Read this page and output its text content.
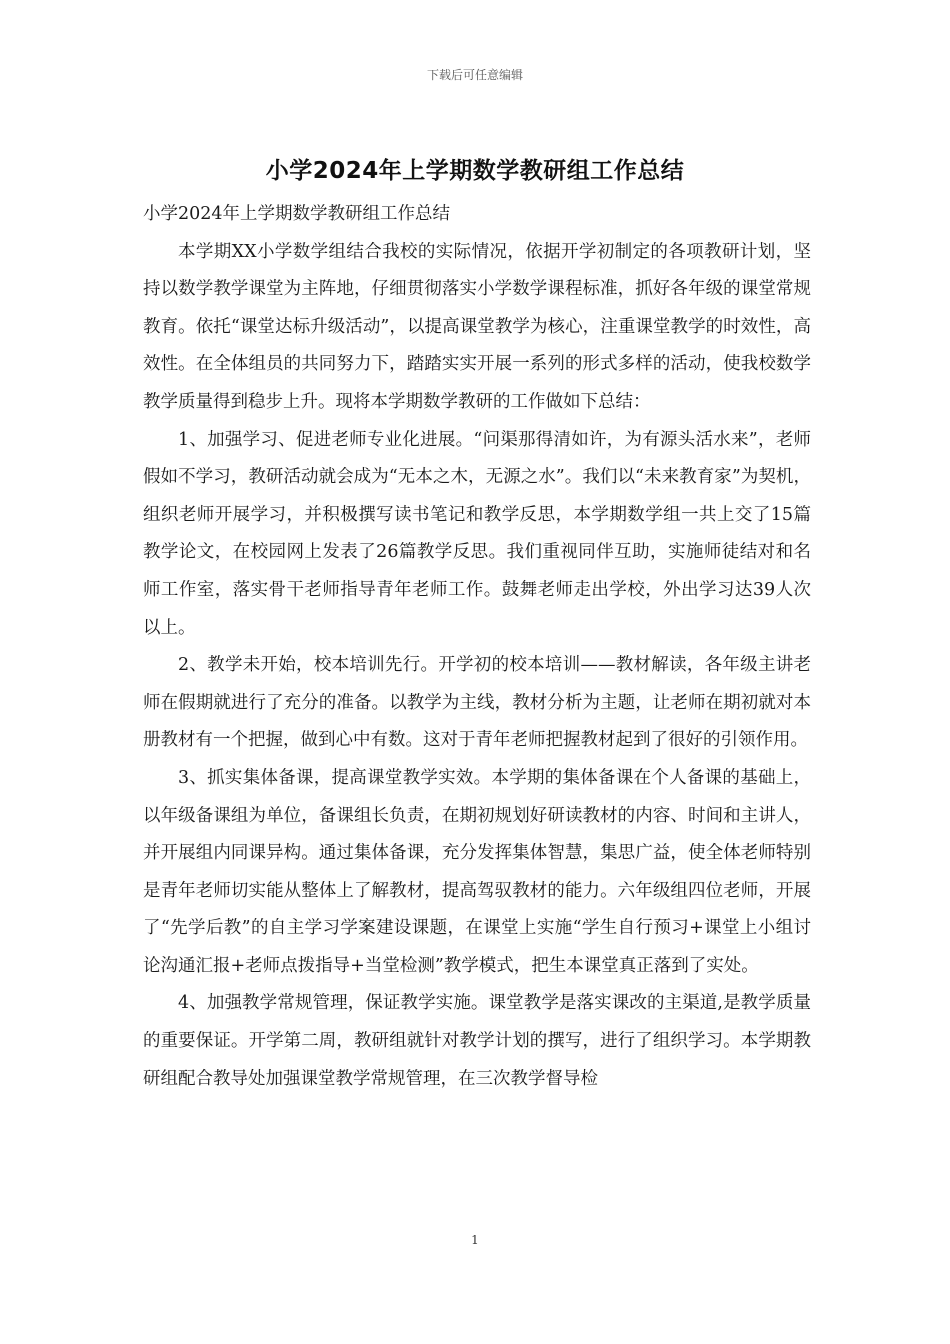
下载后可任意编辑
小学2024年上学期数学教研组工作总结

小学2024年上学期数学教研组工作总结

本学期XX小学数学组结合我校的实际情况，依据开学初制定的各项教研计划，坚持以数学教学课堂为主阵地，仔细贯彻落实小学数学课程标准，抓好各年级的课堂常规教育。依托“课堂达标升级活动”，以提高课堂教学为核心，注重课堂教学的时效性，高效性。在全体组员的共同努力下，踏踏实实开展一系列的形式多样的活动，使我校数学教学质量得到稳步上升。现将本学期数学教研的工作做如下总结：

1、加强学习、促进老师专业化进展。“问渠那得清如许，为有源头活水来”，老师假如不学习，教研活动就会成为“无本之木，无源之水”。我们以“未来教育家”为契机，组织老师开展学习，并积极撰写读书笔记和教学反思，本学期数学组一共上交了15篇教学论文，在校园网上发表了26篇教学反思。我们重视同伴互助，实施师徒结对和名师工作室，落实骨干老师指导青年老师工作。鼓舞老师走出学校，外出学习达39人次以上。

2、教学未开始，校本培训先行。开学初的校本培训——教材解读，各年级主讲老师在假期就进行了充分的准备。以教学为主线，教材分析为主题，让老师在期初就对本册教材有一个把握，做到心中有数。这对于青年老师把握教材起到了很好的引领作用。

3、抓实集体备课，提高课堂教学实效。本学期的集体备课在个人备课的基础上，以年级备课组为单位，备课组长负责，在期初规划好研读教材的内容、时间和主讲人，并开展组内同课异构。通过集体备课，充分发挥集体智慧，集思广益，使全体老师特别是青年老师切实能从整体上了解教材，提高驾驭教材的能力。六年级组四位老师，开展了“先学后教”的自主学习学案建设课题，在课堂上实施“学生自行预习+课堂上小组讨论沟通汇报+老师点拨指导+当堂检测”教学模式，把生本课堂真正落到了实处。

4、加强教学常规管理，保证教学实施。课堂教学是落实课改的主渠道,是教学质量的重要保证。开学第二周，教研组就针对教学计划的撰写，进行了组织学习。本学期教研组配合教导处加强课堂教学常规管理，在三次教学督导检

1
